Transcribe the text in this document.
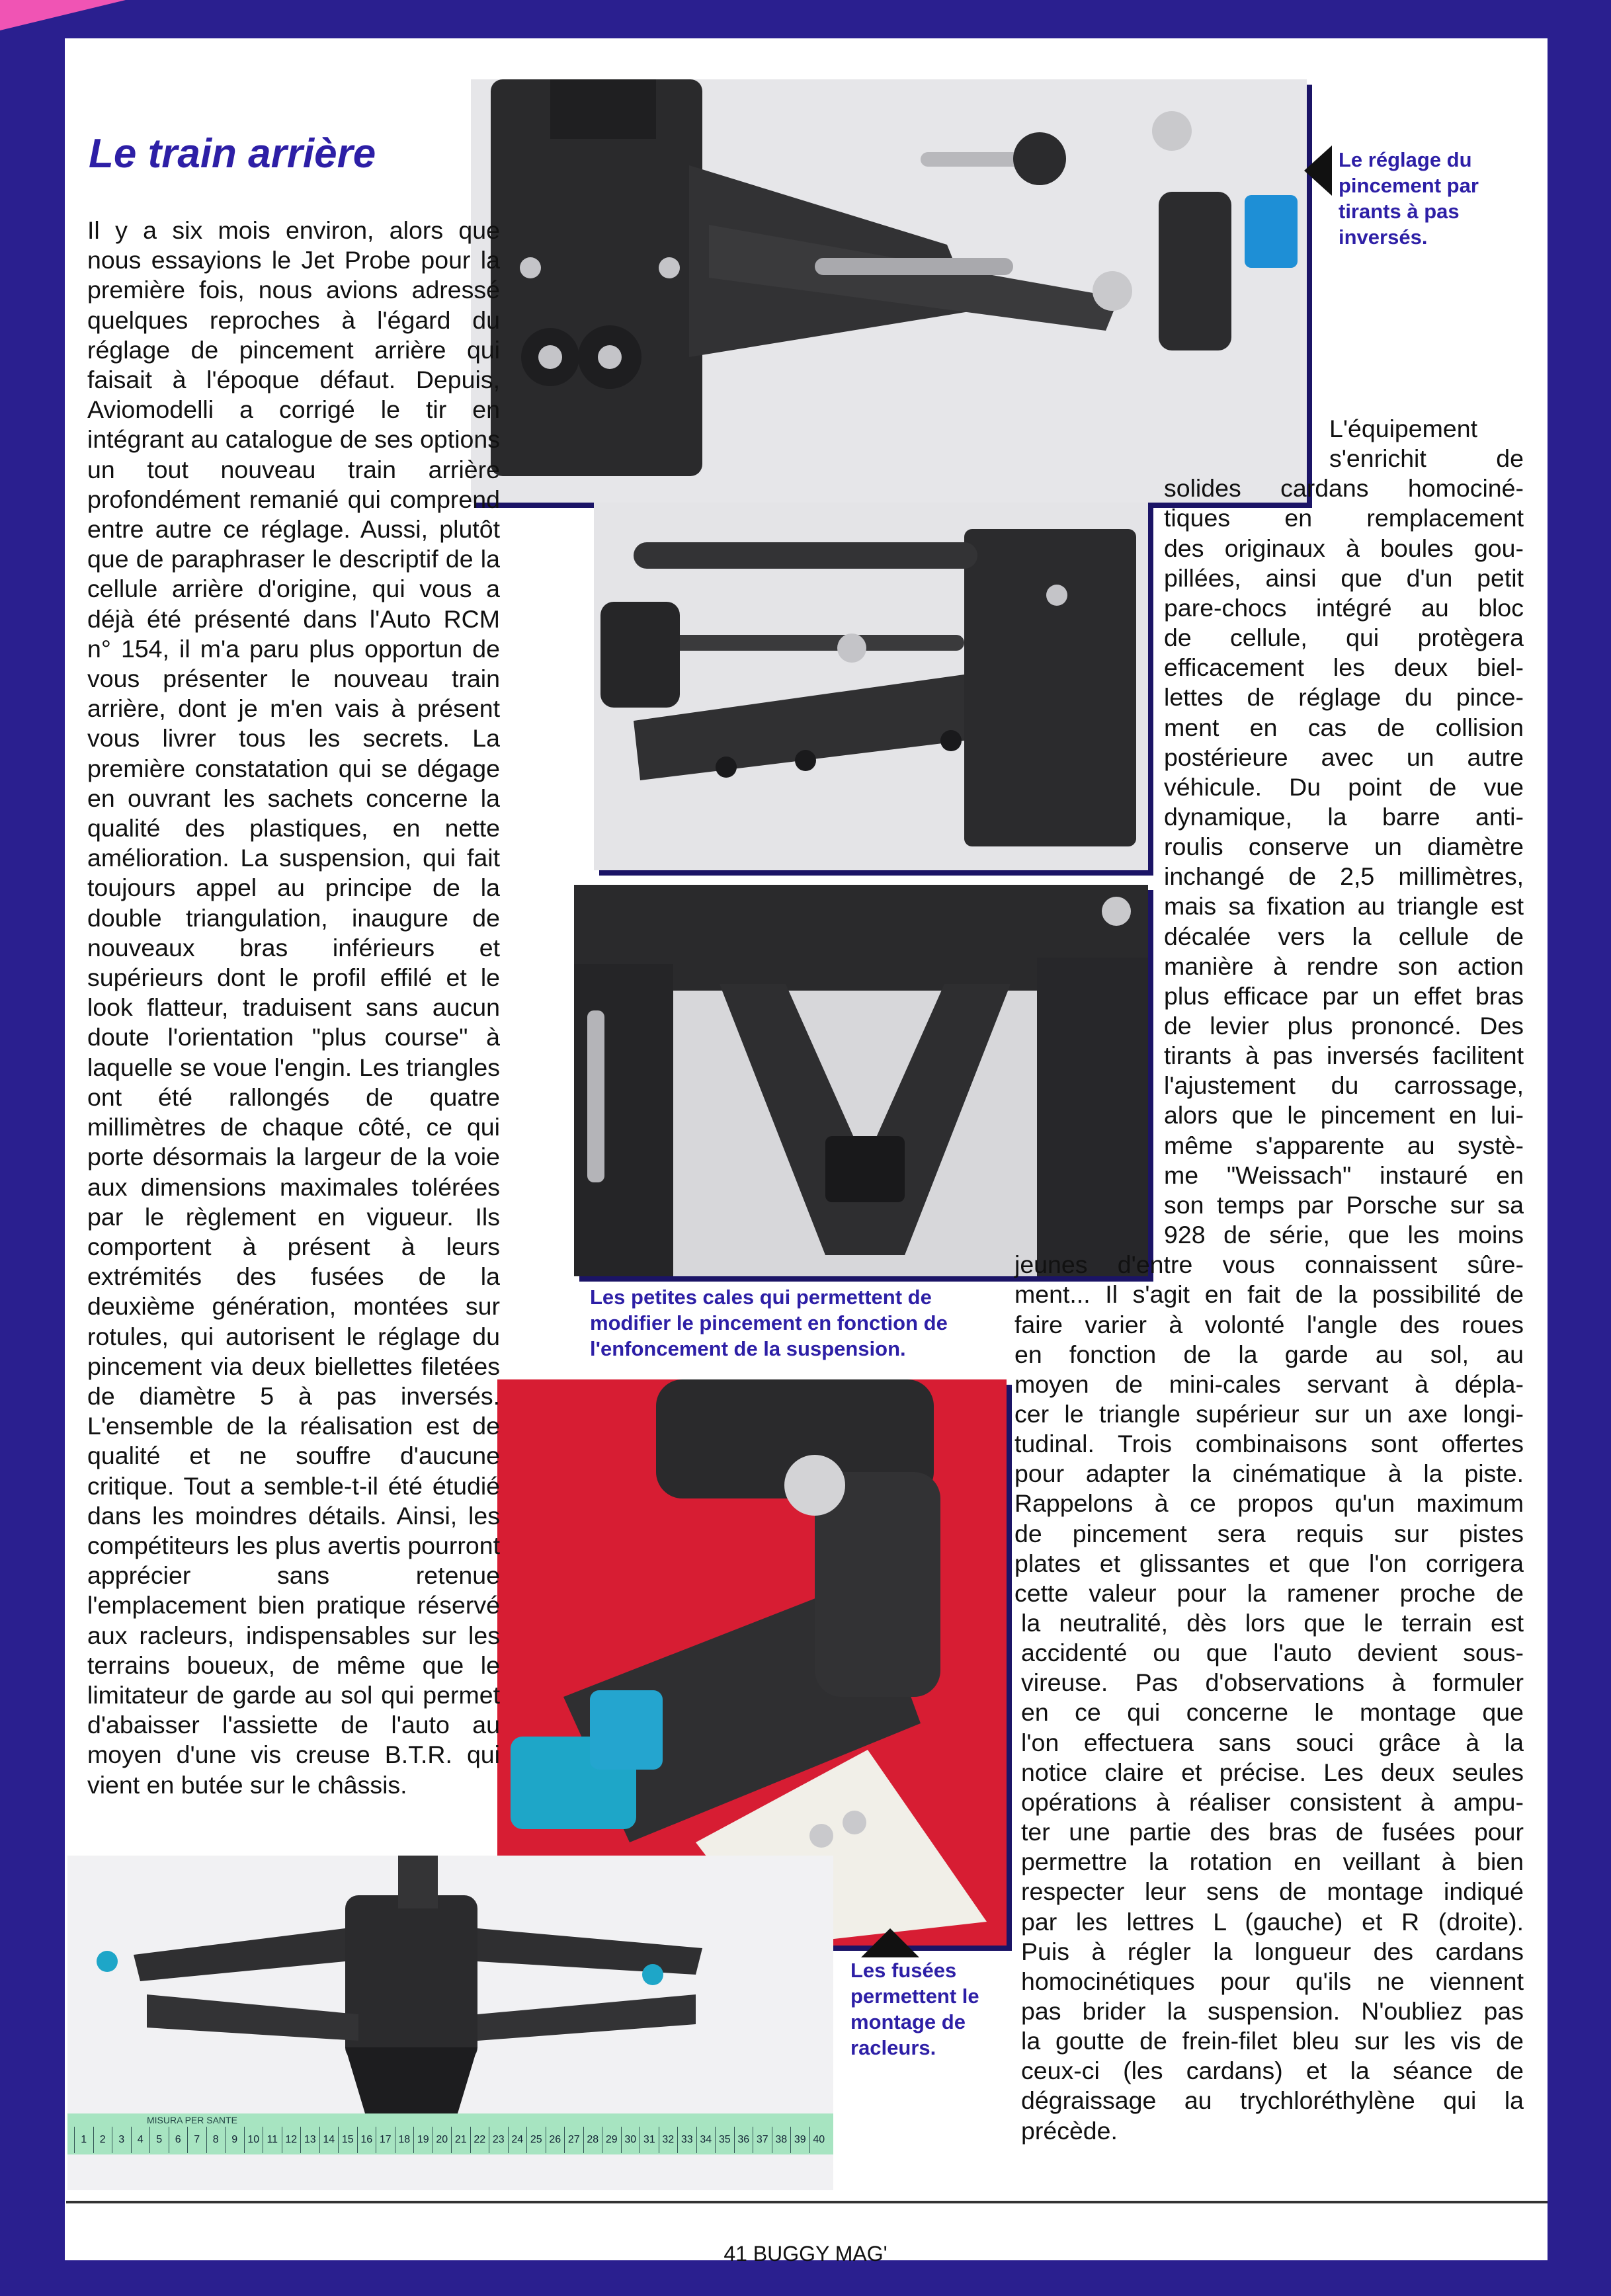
MISURA PER SANTE
1	2	3	4	5	6	7	8	9 10 11 12 13 14 15 16 17 18 19 20 21 22 23 24 25 26 27 28 29 30 31 32 33 34 35 36 37 38 39 40
Le train arrière

Il y a six mois environ, alors que nous essayions le Jet Probe pour la première fois, nous avions adressé quelques reproches à l'égard du réglage de pincement arrière qui faisait à l'époque défaut. Depuis, Aviomodelli a corrigé le tir en intégrant au catalogue de ses options un tout nouveau train arrière profondément remanié qui comprend entre autre ce réglage. Aussi, plutôt que de paraphraser le descriptif de la cellule arrière d'origine, qui vous a déjà été présenté dans l'Auto RCM n° 154, il m'a paru plus opportun de vous présenter le nouveau train arrière, dont je m'en vais à présent vous livrer tous les secrets. La première constatation qui se dégage en ouvrant les sachets concerne la qualité des plastiques, en nette amélioration. La suspension, qui fait toujours appel au principe de la double triangulation, inaugure de nouveaux bras inférieurs et supérieurs dont le profil effilé et le look flatteur, traduisent sans aucun doute l'orientation "plus course" à laquelle se voue l'engin. Les triangles ont été rallongés de quatre millimètres de chaque côté, ce qui porte désormais la largeur de la voie aux dimensions maximales tolérées par le règlement en vigueur. Ils comportent à présent à leurs extrémités des fusées de la deuxième génération, montées sur rotules, qui autorisent le réglage du pincement via deux biellettes filetées de diamètre 5 à pas inversés. L'ensemble de la réalisation est de qualité et ne souffre d'aucune critique. Tout a semble-t-il été étudié dans les moindres détails. Ainsi, les compétiteurs les plus avertis pourront apprécier sans retenue l'emplacement bien pratique réservé aux racleurs, indispensables sur les terrains boueux, de même que le limitateur de garde au sol qui permet d'abaisser l'assiette de l'auto au moyen d'une vis creuse B.T.R. qui vient en butée sur le châssis.

L'équipement
s'enrichit de
solides cardans homociné-
tiques en remplacement
des originaux à boules gou-
pillées, ainsi que d'un petit
pare-chocs intégré au bloc
de cellule, qui protègera
efficacement les deux biel-
lettes de réglage du pince-
ment en cas de collision
postérieure avec un autre
véhicule. Du point de vue
dynamique, la barre anti-
roulis conserve un diamètre
inchangé de 2,5 millimètres,
mais sa fixation au triangle est
décalée vers la cellule de
manière à rendre son action
plus efficace par un effet bras
de levier plus prononcé. Des
tirants à pas inversés facilitent
l'ajustement du carrossage,
alors que le pincement en lui-
même s'apparente au systè-
me "Weissach" instauré en
son temps par Porsche sur sa
928 de série, que les moins
jeunes d'entre vous connaissent sûre-
ment... Il s'agit en fait de la possibilité de
faire varier à volonté l'angle des roues
en fonction de la garde au sol, au
moyen de mini-cales servant à dépla-
cer le triangle supérieur sur un axe longi-
tudinal. Trois combinaisons sont offertes
pour adapter la cinématique à la piste.
Rappelons à ce propos qu'un maximum
de pincement sera requis sur pistes
plates et glissantes et que l'on corrigera
cette valeur pour la ramener proche de
la neutralité, dès lors que le terrain est
accidenté ou que l'auto devient sous-
vireuse. Pas d'observations à formuler
en ce qui concerne le montage que
l'on effectuera sans souci grâce à la
notice claire et précise. Les deux seules
opérations à réaliser consistent à ampu-
ter une partie des bras de fusées pour
permettre la rotation en veillant à bien
respecter leur sens de montage indiqué
par les lettres L (gauche) et R (droite).
Puis à régler la longueur des cardans
homocinétiques pour qu'ils ne viennent
pas brider la suspension. N'oubliez pas
la goutte de frein-filet bleu sur les vis de
ceux-ci (les cardans) et la séance de
dégraissage au trychloréthylène qui la
précède.

Le réglage du pincement par tirants à pas inversés.

Les petites cales qui permettent de modifier le pincement en fonction de l'enfoncement de la suspension.

Les fusées permettent le montage de racleurs.

41 BUGGY MAG'
